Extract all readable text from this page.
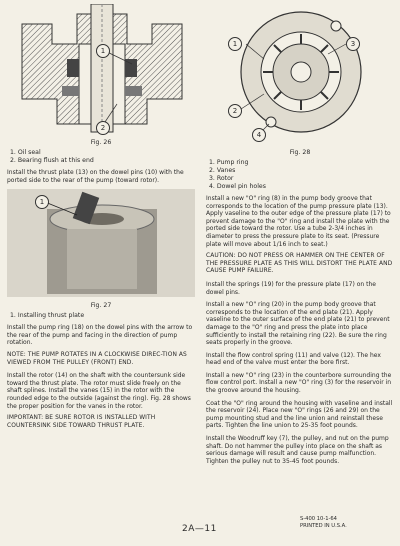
1
2
Fig. 26
1. Oil seal
2. Bearing flush at this end

Install the thrust plate (13) on the dowel pins (10) with the ported side to the rear of the pump (toward rotor).

1
Fig. 27
1. Installing thrust plate

Install the pump ring (18) on the dowel pins with the arrow to the rear of the pump and facing in the direction of pump rotation.

NOTE: THE PUMP ROTATES IN A CLOCKWISE DIREC-TION AS VIEWED FROM THE PULLEY (FRONT) END.

Install the rotor (14) on the shaft with the countersunk side toward the thrust plate. The rotor must slide freely on the shaft splines. Install the vanes (15) in the rotor with the rounded edge to the outside (against the ring). Fig. 28 shows the proper position for the vanes in the rotor.

IMPORTANT: BE SURE ROTOR IS INSTALLED WITH COUNTERSINK SIDE TOWARD THRUST PLATE.

1
2
3
4
Fig. 28
1. Pump ring
2. Vanes
3. Rotor
4. Dowel pin holes

Install a new "O" ring (8) in the pump body groove that corresponds to the location of the pump pressure plate (13). Apply vaseline to the outer edge of the pressure plate (17) to prevent damage to the "O" ring and install the plate with the ported side toward the rotor. Use a tube 2-3/4 inches in diameter to press the pressure plate to its seat. (Pressure plate will move about 1/16 inch to seat.)

CAUTION: DO NOT PRESS OR HAMMER ON THE CENTER OF THE PRESSURE PLATE AS THIS WILL DISTORT THE PLATE AND CAUSE PUMP FAILURE.

Install the springs (19) for the pressure plate (17) on the dowel pins.

Install a new "O" ring (20) in the pump body groove that corresponds to the location of the end plate (21). Apply vaseline to the outer surface of the end plate (21) to prevent damage to the "O" ring and press the plate into place sufficiently to install the retaining ring (22). Be sure the ring seats properly in the groove.

Install the flow control spring (11) and valve (12). The hex head end of the valve must enter the bore first.

Install a new "O" ring (23) in the counterbore surrounding the flow control port. Install a new "O" ring (3) for the reservoir in the groove around the housing.

Coat the "O" ring around the housing with vaseline and install the reservoir (24). Place new "O" rings (26 and 29) on the pump mounting stud and the line union and reinstall these parts. Tighten the line union to 25-35 foot pounds.

Install the Woodruff key (7), the pulley, and nut on the pump shaft. Do not hammer the pulley into place on the shaft as serious damage will result and cause pump malfunction. Tighten the pulley nut to 35-45 foot pounds.

2A—11
S-400 10-1-64
PRINTED IN U.S.A.
